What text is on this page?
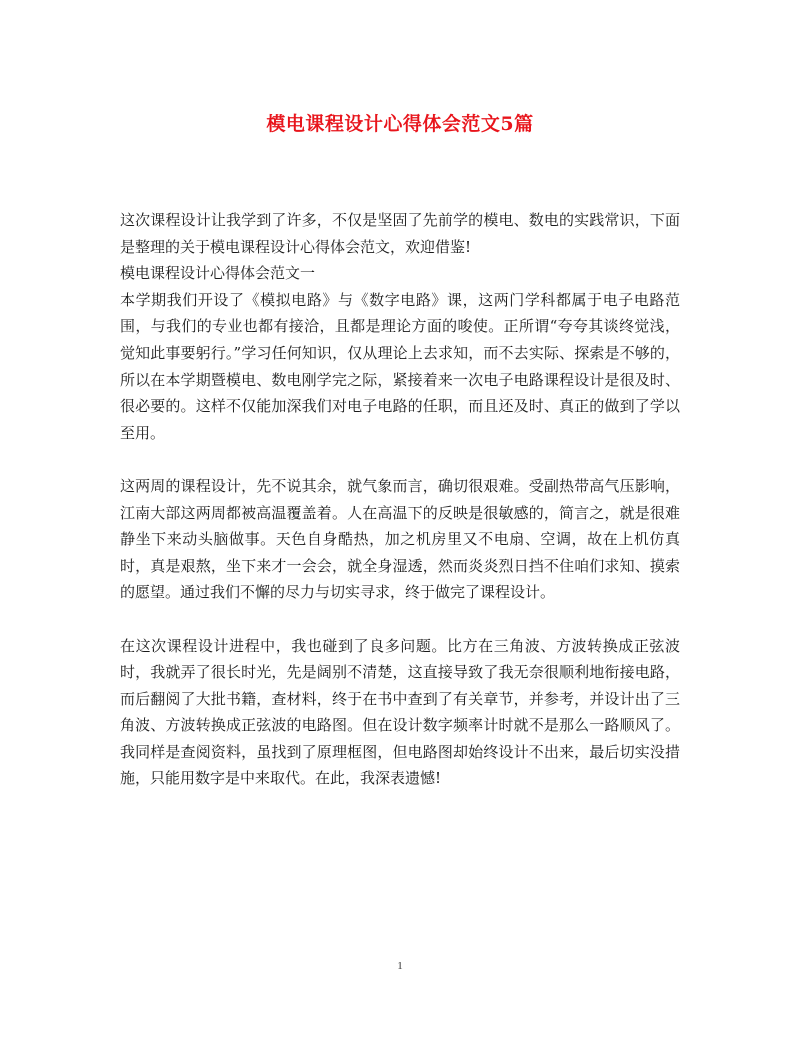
模电课程设计心得体会范文5篇

这次课程设计让我学到了许多，不仅是坚固了先前学的模电、数电的实践常识，下面是整理的关于模电课程设计心得体会范文，欢迎借鉴!

模电课程设计心得体会范文一

本学期我们开设了《模拟电路》与《数字电路》课，这两门学科都属于电子电路范围，与我们的专业也都有接洽，且都是理论方面的唆使。正所谓“夸夸其谈终觉浅，觉知此事要躬行。”学习任何知识，仅从理论上去求知，而不去实际、探索是不够的，所以在本学期暨模电、数电刚学完之际，紧接着来一次电子电路课程设计是很及时、很必要的。这样不仅能加深我们对电子电路的任职，而且还及时、真正的做到了学以至用。

这两周的课程设计，先不说其余，就气象而言，确切很艰难。受副热带高气压影响，江南大部这两周都被高温覆盖着。人在高温下的反映是很敏感的，简言之，就是很难静坐下来动头脑做事。天色自身酷热，加之机房里又不电扇、空调，故在上机仿真时，真是艰熬，坐下来才一会会，就全身湿透，然而炎炎烈日挡不住咱们求知、摸索的愿望。通过我们不懈的尽力与切实寻求，终于做完了课程设计。

在这次课程设计进程中，我也碰到了良多问题。比方在三角波、方波转换成正弦波时，我就弄了很长时光，先是阔别不清楚，这直接导致了我无奈很顺利地衔接电路，而后翻阅了大批书籍，查材料，终于在书中查到了有关章节，并参考，并设计出了三角波、方波转换成正弦波的电路图。但在设计数字频率计时就不是那么一路顺风了。我同样是查阅资料，虽找到了原理框图，但电路图却始终设计不出来，最后切实没措施，只能用数字是中来取代。在此，我深表遗憾!

1
